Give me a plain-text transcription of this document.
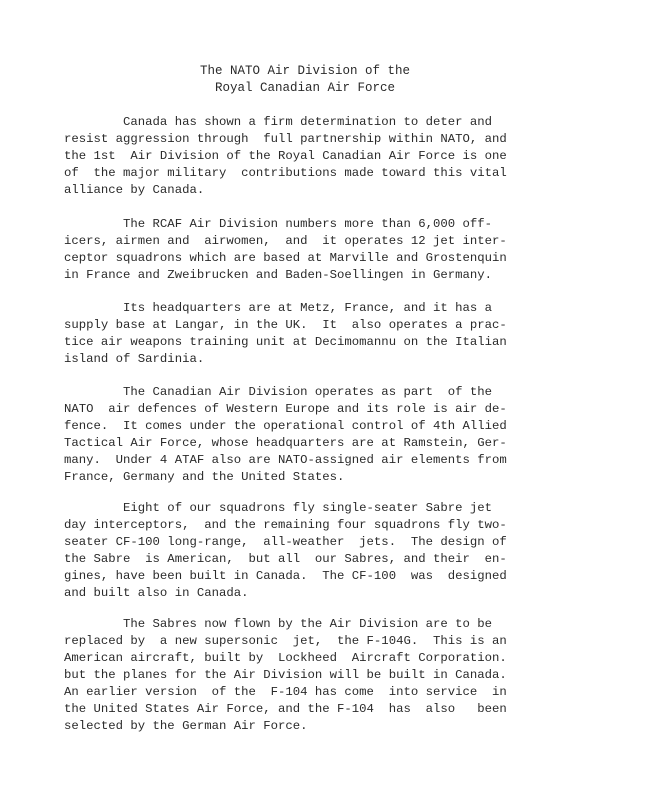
The NATO Air Division of the
Royal Canadian Air Force

Canada has shown a firm determination to deter and
resist aggression through  full partnership within NATO, and
the 1st  Air Division of the Royal Canadian Air Force is one
of  the major military  contributions made toward this vital
alliance by Canada.

The RCAF Air Division numbers more than 6,000 off-
icers, airmen and  airwomen,  and  it operates 12 jet inter-
ceptor squadrons which are based at Marville and Grostenquin
in France and Zweibrucken and Baden-Soellingen in Germany.

Its headquarters are at Metz, France, and it has a
supply base at Langar, in the UK.  It  also operates a prac-
tice air weapons training unit at Decimomannu on the Italian
island of Sardinia.

The Canadian Air Division operates as part  of the
NATO  air defences of Western Europe and its role is air de-
fence.  It comes under the operational control of 4th Allied
Tactical Air Force, whose headquarters are at Ramstein, Ger-
many.  Under 4 ATAF also are NATO-assigned air elements from
France, Germany and the United States.

Eight of our squadrons fly single-seater Sabre jet
day interceptors,  and the remaining four squadrons fly two-
seater CF-100 long-range,  all-weather  jets.  The design of
the Sabre  is American,  but all  our Sabres, and their  en-
gines, have been built in Canada.  The CF-100  was  designed
and built also in Canada.

The Sabres now flown by the Air Division are to be
replaced by  a new supersonic  jet,  the F-104G.  This is an
American aircraft, built by  Lockheed  Aircraft Corporation.
but the planes for the Air Division will be built in Canada.
An earlier version  of the  F-104 has come  into service  in
the United States Air Force, and the F-104  has  also   been
selected by the German Air Force.
